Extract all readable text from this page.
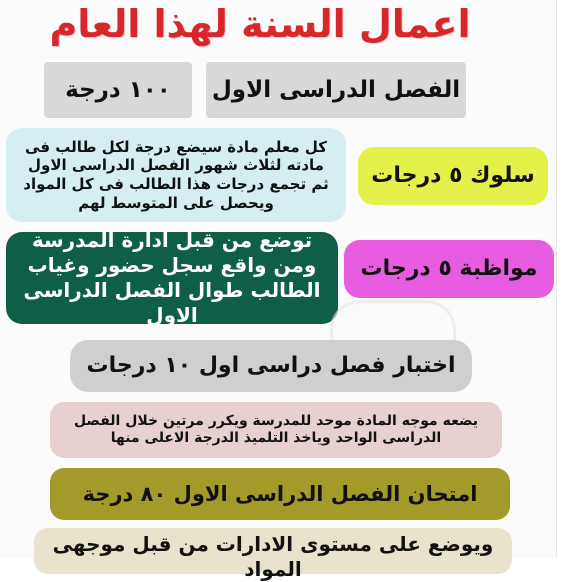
اعمال السنة لهذا العام
١٠٠ درجة	الفصل الدراسى الاول
كل معلم مادة سيضع درجة لكل طالب فى مادته لثلاث شهور الفصل الدراسى الاول ثم تجمع درجات هذا الطالب فى كل المواد ويحصل على المتوسط لهم
سلوك ٥ درجات
توضع من قبل ادارة المدرسة ومن واقع سجل حضور وغياب الطالب طوال الفصل الدراسى الاول
مواظبة ٥ درجات
اختبار فصل دراسى اول ١٠ درجات
يضعه موجه المادة موحد للمدرسة ويكرر مرتين خلال الفصل الدراسى الواحد وياخذ التلميذ الدرجة الاعلى منها
امتحان الفصل الدراسى الاول ٨٠ درجة
ويوضع على مستوى الادارات من قبل موجهى المواد
